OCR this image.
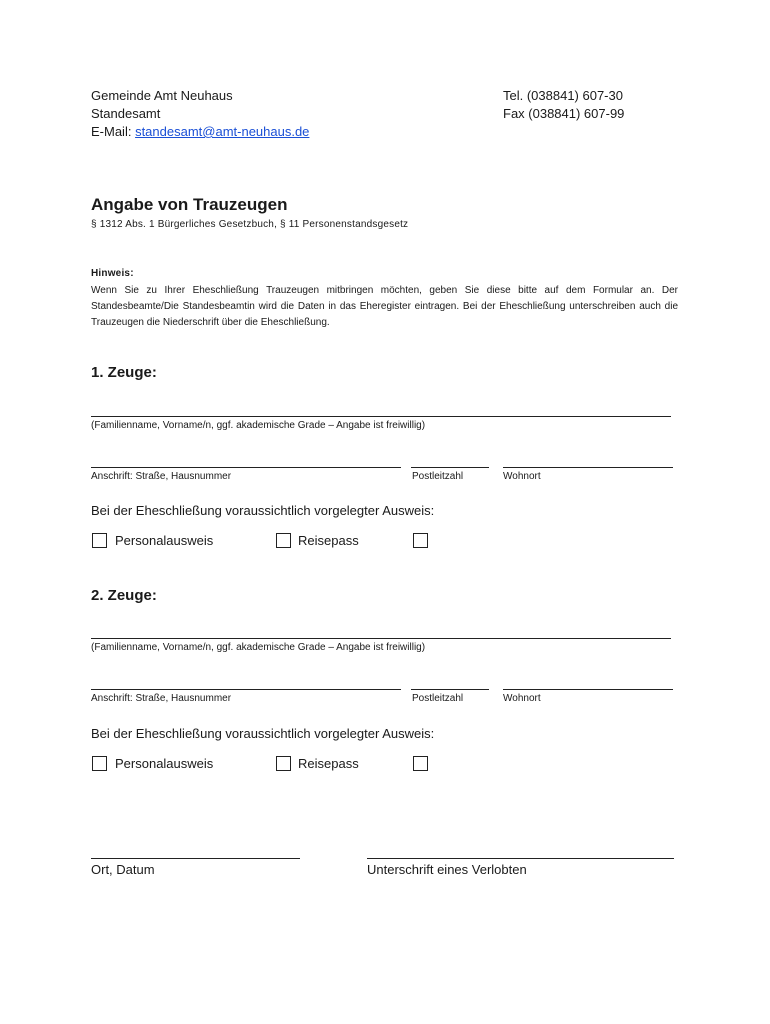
Gemeinde Amt Neuhaus
Standesamt
E-Mail: standesamt@amt-neuhaus.de
Tel. (038841) 607-30
Fax (038841) 607-99
Angabe von Trauzeugen
§ 1312 Abs. 1 Bürgerliches Gesetzbuch, § 11 Personenstandsgesetz
Hinweis:
Wenn Sie zu Ihrer Eheschließung Trauzeugen mitbringen möchten, geben Sie diese bitte auf dem Formular an. Der Standesbeamte/Die Standesbeamtin wird die Daten in das Eheregister eintragen. Bei der Eheschließung unterschreiben auch die Trauzeugen die Niederschrift über die Eheschließung.
1. Zeuge:
(Familienname, Vorname/n, ggf. akademische Grade – Angabe ist freiwillig)
Anschrift: Straße, Hausnummer	Postleitzahl	Wohnort
Bei der Eheschließung voraussichtlich vorgelegter Ausweis:
Personalausweis	Reisepass
2. Zeuge:
(Familienname, Vorname/n, ggf. akademische Grade – Angabe ist freiwillig)
Anschrift: Straße, Hausnummer	Postleitzahl	Wohnort
Bei der Eheschließung voraussichtlich vorgelegter Ausweis:
Personalausweis	Reisepass
Ort, Datum	Unterschrift eines Verlobten
